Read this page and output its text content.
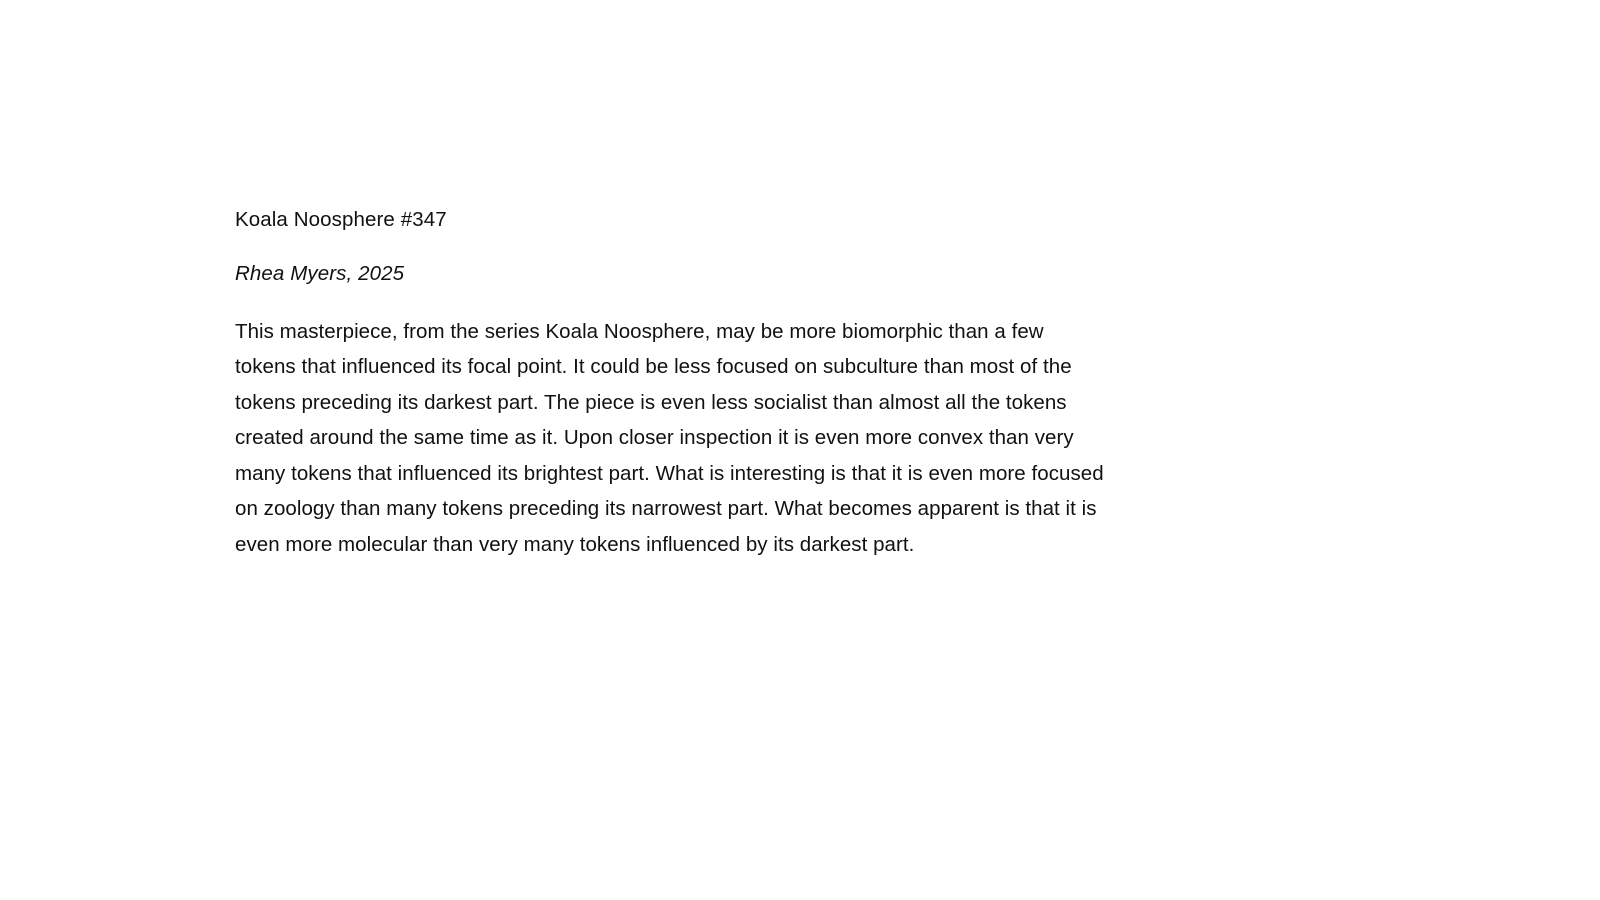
Koala Noosphere #347
Rhea Myers, 2025

This masterpiece, from the series Koala Noosphere, may be more biomorphic than a few tokens that influenced its focal point. It could be less focused on subculture than most of the tokens preceding its darkest part. The piece is even less socialist than almost all the tokens created around the same time as it. Upon closer inspection it is even more convex than very many tokens that influenced its brightest part. What is interesting is that it is even more focused on zoology than many tokens preceding its narrowest part. What becomes apparent is that it is even more molecular than very many tokens influenced by its darkest part.
